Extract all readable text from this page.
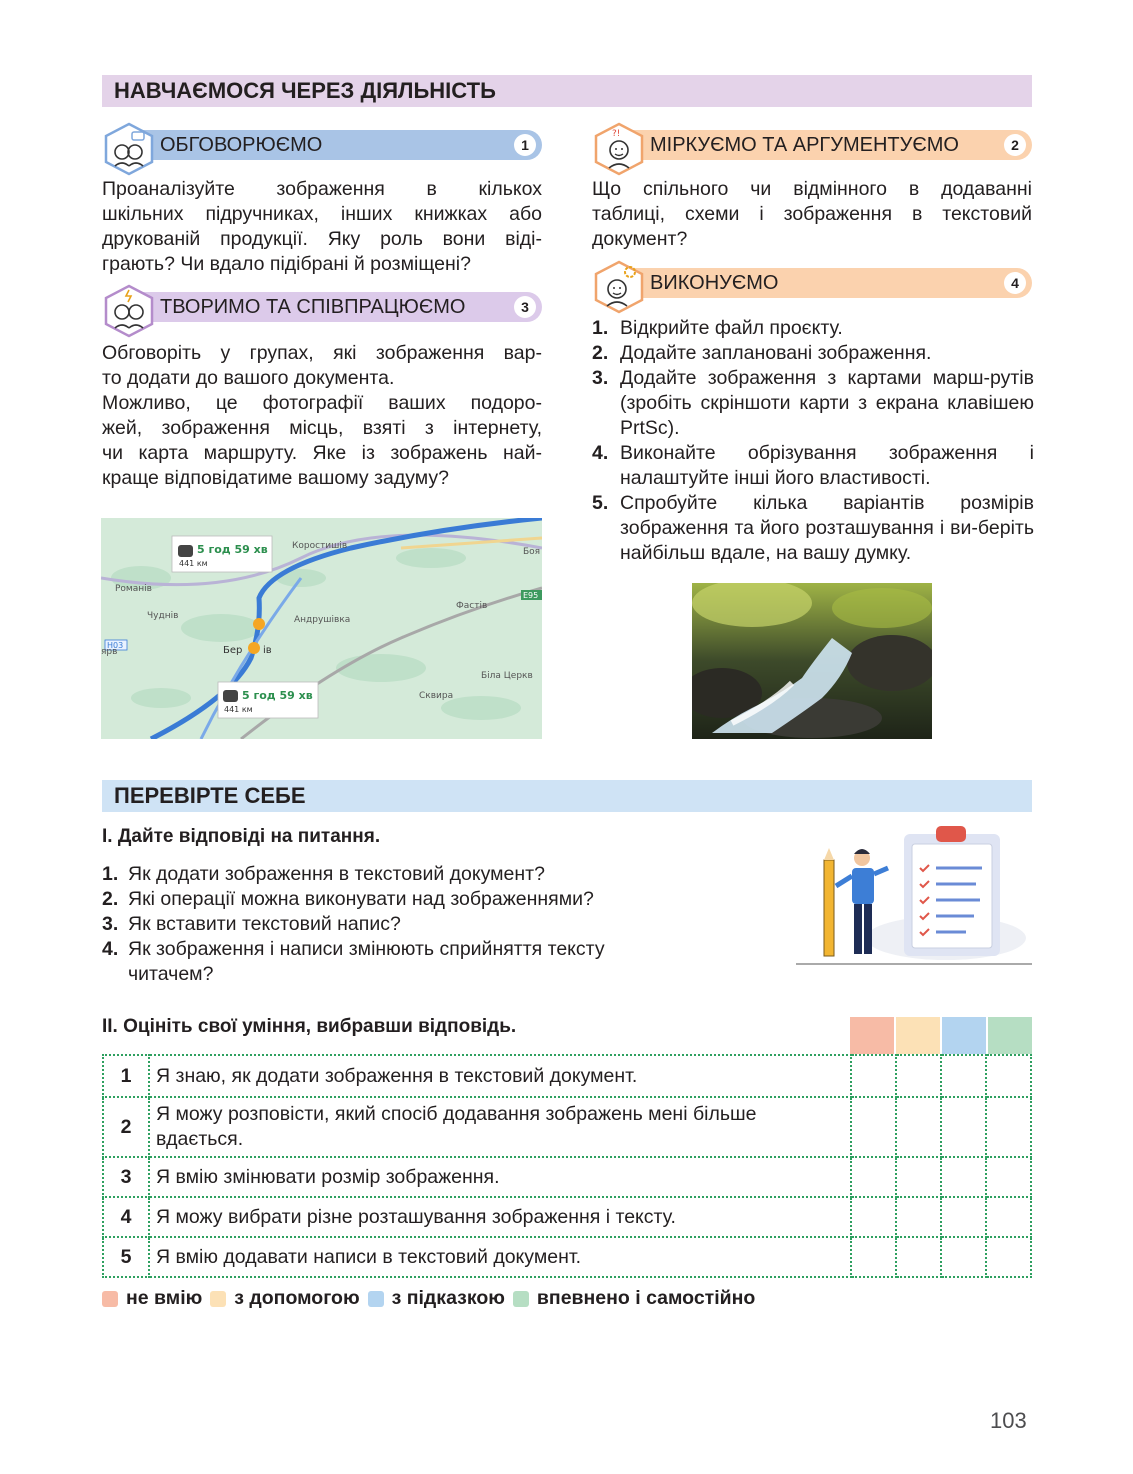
НАВЧАЄМОСЯ ЧЕРЕЗ ДІЯЛЬНІСТЬ
ОБГОВОРЮЄМО	1

Проаналізуйте зображення в кількох

шкільних підручниках, інших книжках або

друкованій продукції. Яку роль вони віді-

грають? Чи вдало підібрані й розміщені?

ТВОРИМО ТА СПІВПРАЦЮЄМО	3

Обговоріть у групах, які зображення вар-

то додати до вашого документа.

Можливо, це фотографії ваших подоро-

жей, зображення місць, взяті з інтернету,

чи карта маршруту. Яке із зображень най-

краще відповідатиме вашому задуму?

МІРКУЄМО ТА АРГУМЕНТУЄМО	2
?!

Що спільного чи відмінного в додаванні

таблиці, схеми і зображення в текстовий

документ?

ВИКОНУЄМО	4
1. Відкрийте файл проєкту.
2. Додайте заплановані зображення.
3. Додайте зображення з картами марш-рутів (зробіть скріншоти карти з екрана клавішею PrtSc).
4. Виконайте обрізування зображення і налаштуйте інші його властивості.
5. Спробуйте кілька варіантів розмірів зображення та його розташування і ви-беріть найбільш вдале, на вашу думку.
H03
E95
Коростишів
Романів
Чуднів	Андрушівка
Фастів
Бер ів
Біла Церкв
Сквира
Боя
ярв
5 год 59 хв
441 км
5 год 59 хв
441 км
ПЕРЕВІРТЕ СЕБЕ
І. Дайте відповіді на питання.
1. Як додати зображення в текстовий документ?
2. Які операції можна виконувати над зображеннями?
3. Як вставити текстовий напис?
4. Як зображення і написи змінюють сприйняття тексту читачем?
ІІ. Оцініть свої уміння, вибравши відповідь.
1	Я знаю, як додати зображення в текстовий документ.				
2	Я можу розповісти, який спосіб додавання зображень мені більше вдається.				
3	Я вмію змінювати розмір зображення.				
4	Я можу вибрати різне розташування зображення і тексту.				
5	Я вмію додавати написи в текстовий документ.				
не вмію з допомогою з підказкою впевнено і самостійно
103
